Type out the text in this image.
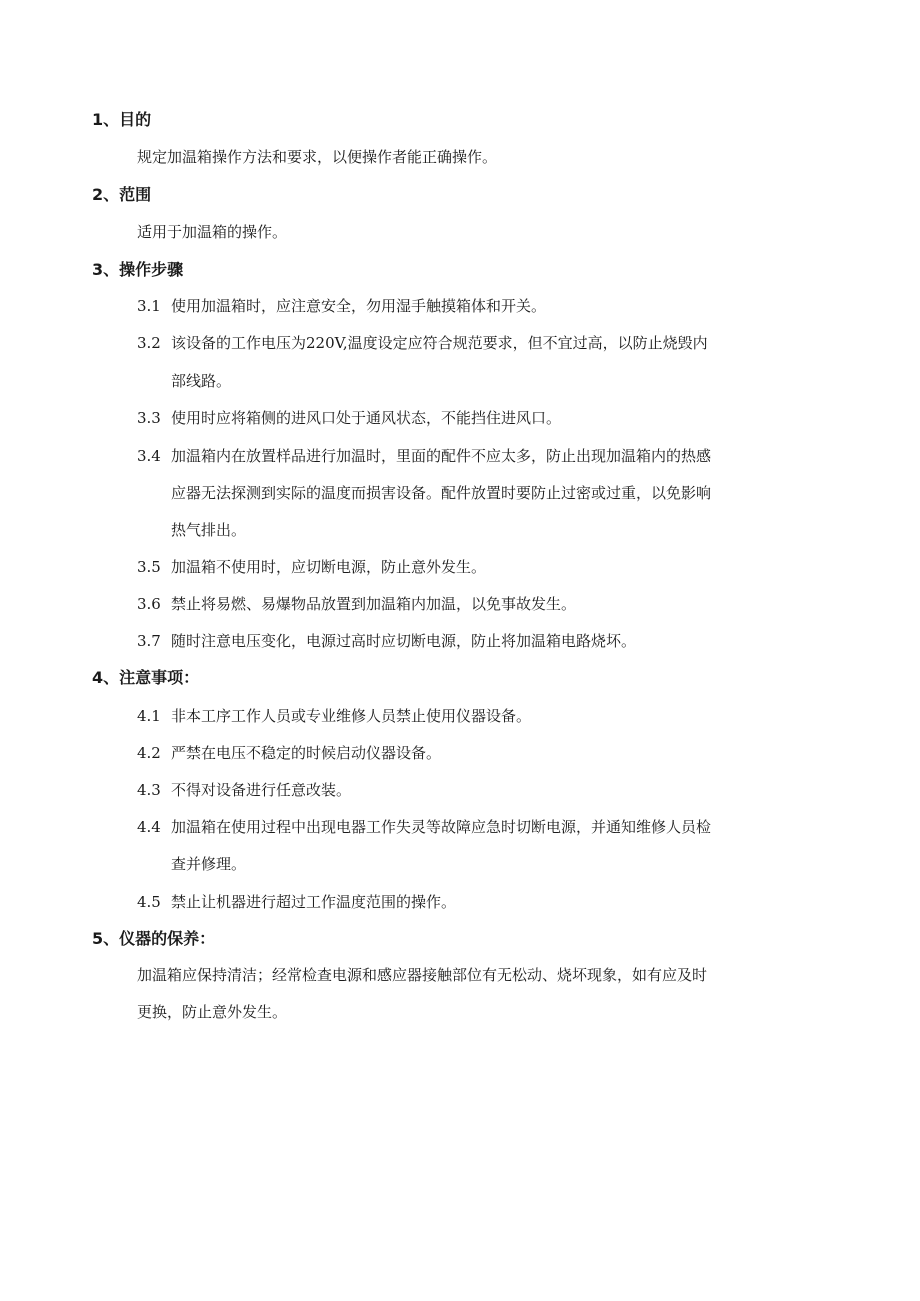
1、目的
规定加温箱操作方法和要求，以便操作者能正确操作。
2、范围
适用于加温箱的操作。
3、操作步骤
3.1 使用加温箱时，应注意安全，勿用湿手触摸箱体和开关。
3.2 该设备的工作电压为220V,温度设定应符合规范要求，但不宜过高，以防止烧毁内
部线路。
3.3 使用时应将箱侧的进风口处于通风状态，不能挡住进风口。
3.4 加温箱内在放置样品进行加温时，里面的配件不应太多，防止出现加温箱内的热感
应器无法探测到实际的温度而损害设备。配件放置时要防止过密或过重，以免影响
热气排出。
3.5 加温箱不使用时，应切断电源，防止意外发生。
3.6 禁止将易燃、易爆物品放置到加温箱内加温，以免事故发生。
3.7 随时注意电压变化，电源过高时应切断电源，防止将加温箱电路烧坏。
4、注意事项：
4.1 非本工序工作人员或专业维修人员禁止使用仪器设备。
4.2 严禁在电压不稳定的时候启动仪器设备。
4.3 不得对设备进行任意改装。
4.4 加温箱在使用过程中出现电器工作失灵等故障应急时切断电源，并通知维修人员检
查并修理。
4.5 禁止让机器进行超过工作温度范围的操作。
5、仪器的保养：
加温箱应保持清洁；经常检查电源和感应器接触部位有无松动、烧坏现象，如有应及时
更换，防止意外发生。
